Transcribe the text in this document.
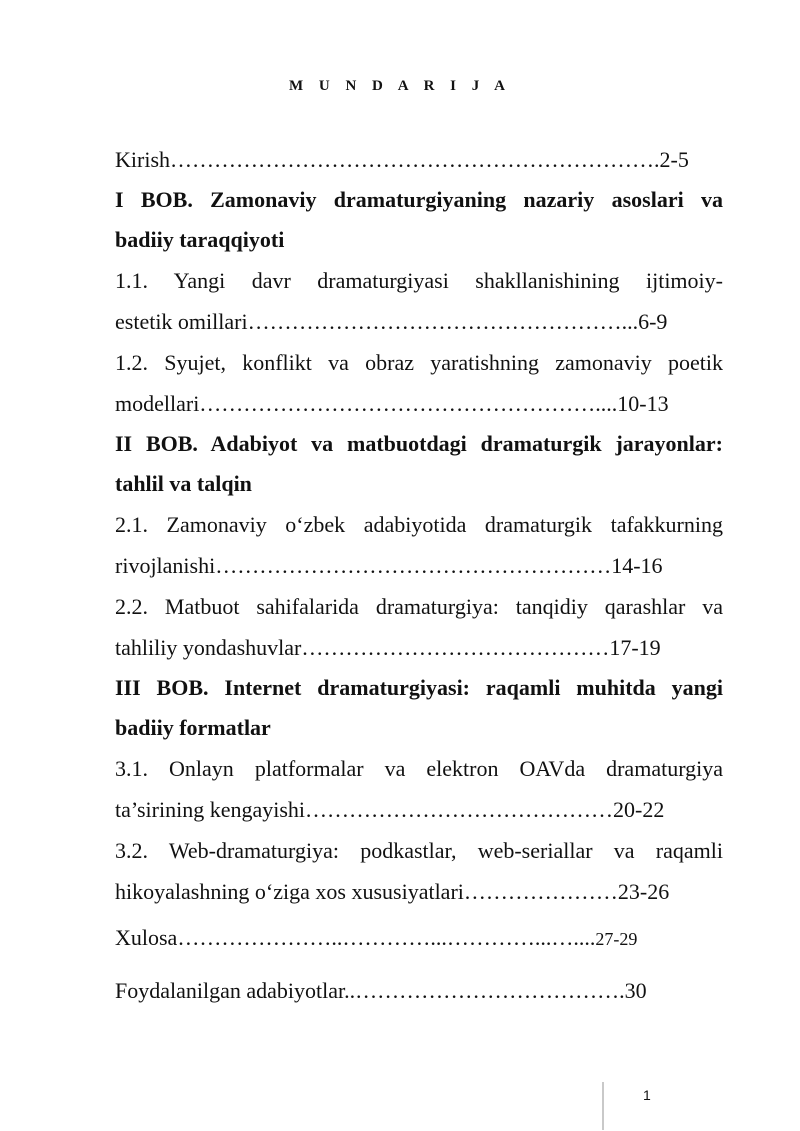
M U N D A R I J A

Kirish………………………………………………………….2-5

I BOB. Zamonaviy dramaturgiyaning nazariy asoslari va

badiiy taraqqiyoti

1.1. Yangi davr dramaturgiyasi shakllanishining ijtimoiy-

estetik omillari……………………………………………...6-9

1.2. Syujet, konflikt va obraz yaratishning zamonaviy poetik

modellari………………………………………………....10-13

II BOB. Adabiyot va matbuotdagi dramaturgik jarayonlar:

tahlil va talqin

2.1. Zamonaviy o‘zbek adabiyotida dramaturgik tafakkurning

rivojlanishi………………………………………………14-16

2.2. Matbuot sahifalarida dramaturgiya: tanqidiy qarashlar va

tahliliy yondashuvlar……………………………………17-19

III BOB. Internet dramaturgiyasi: raqamli muhitda yangi

badiiy formatlar

3.1. Onlayn platformalar va elektron OAVda dramaturgiya

ta’sirining kengayishi……………………………………20-22

3.2. Web-dramaturgiya: podkastlar, web-seriallar va raqamli

hikoyalashning o‘ziga xos xususiyatlari…………………23-26

Xulosa…………………..…………...…………...…....27-29

Foydalanilgan adabiyotlar..……………………………….30

1
